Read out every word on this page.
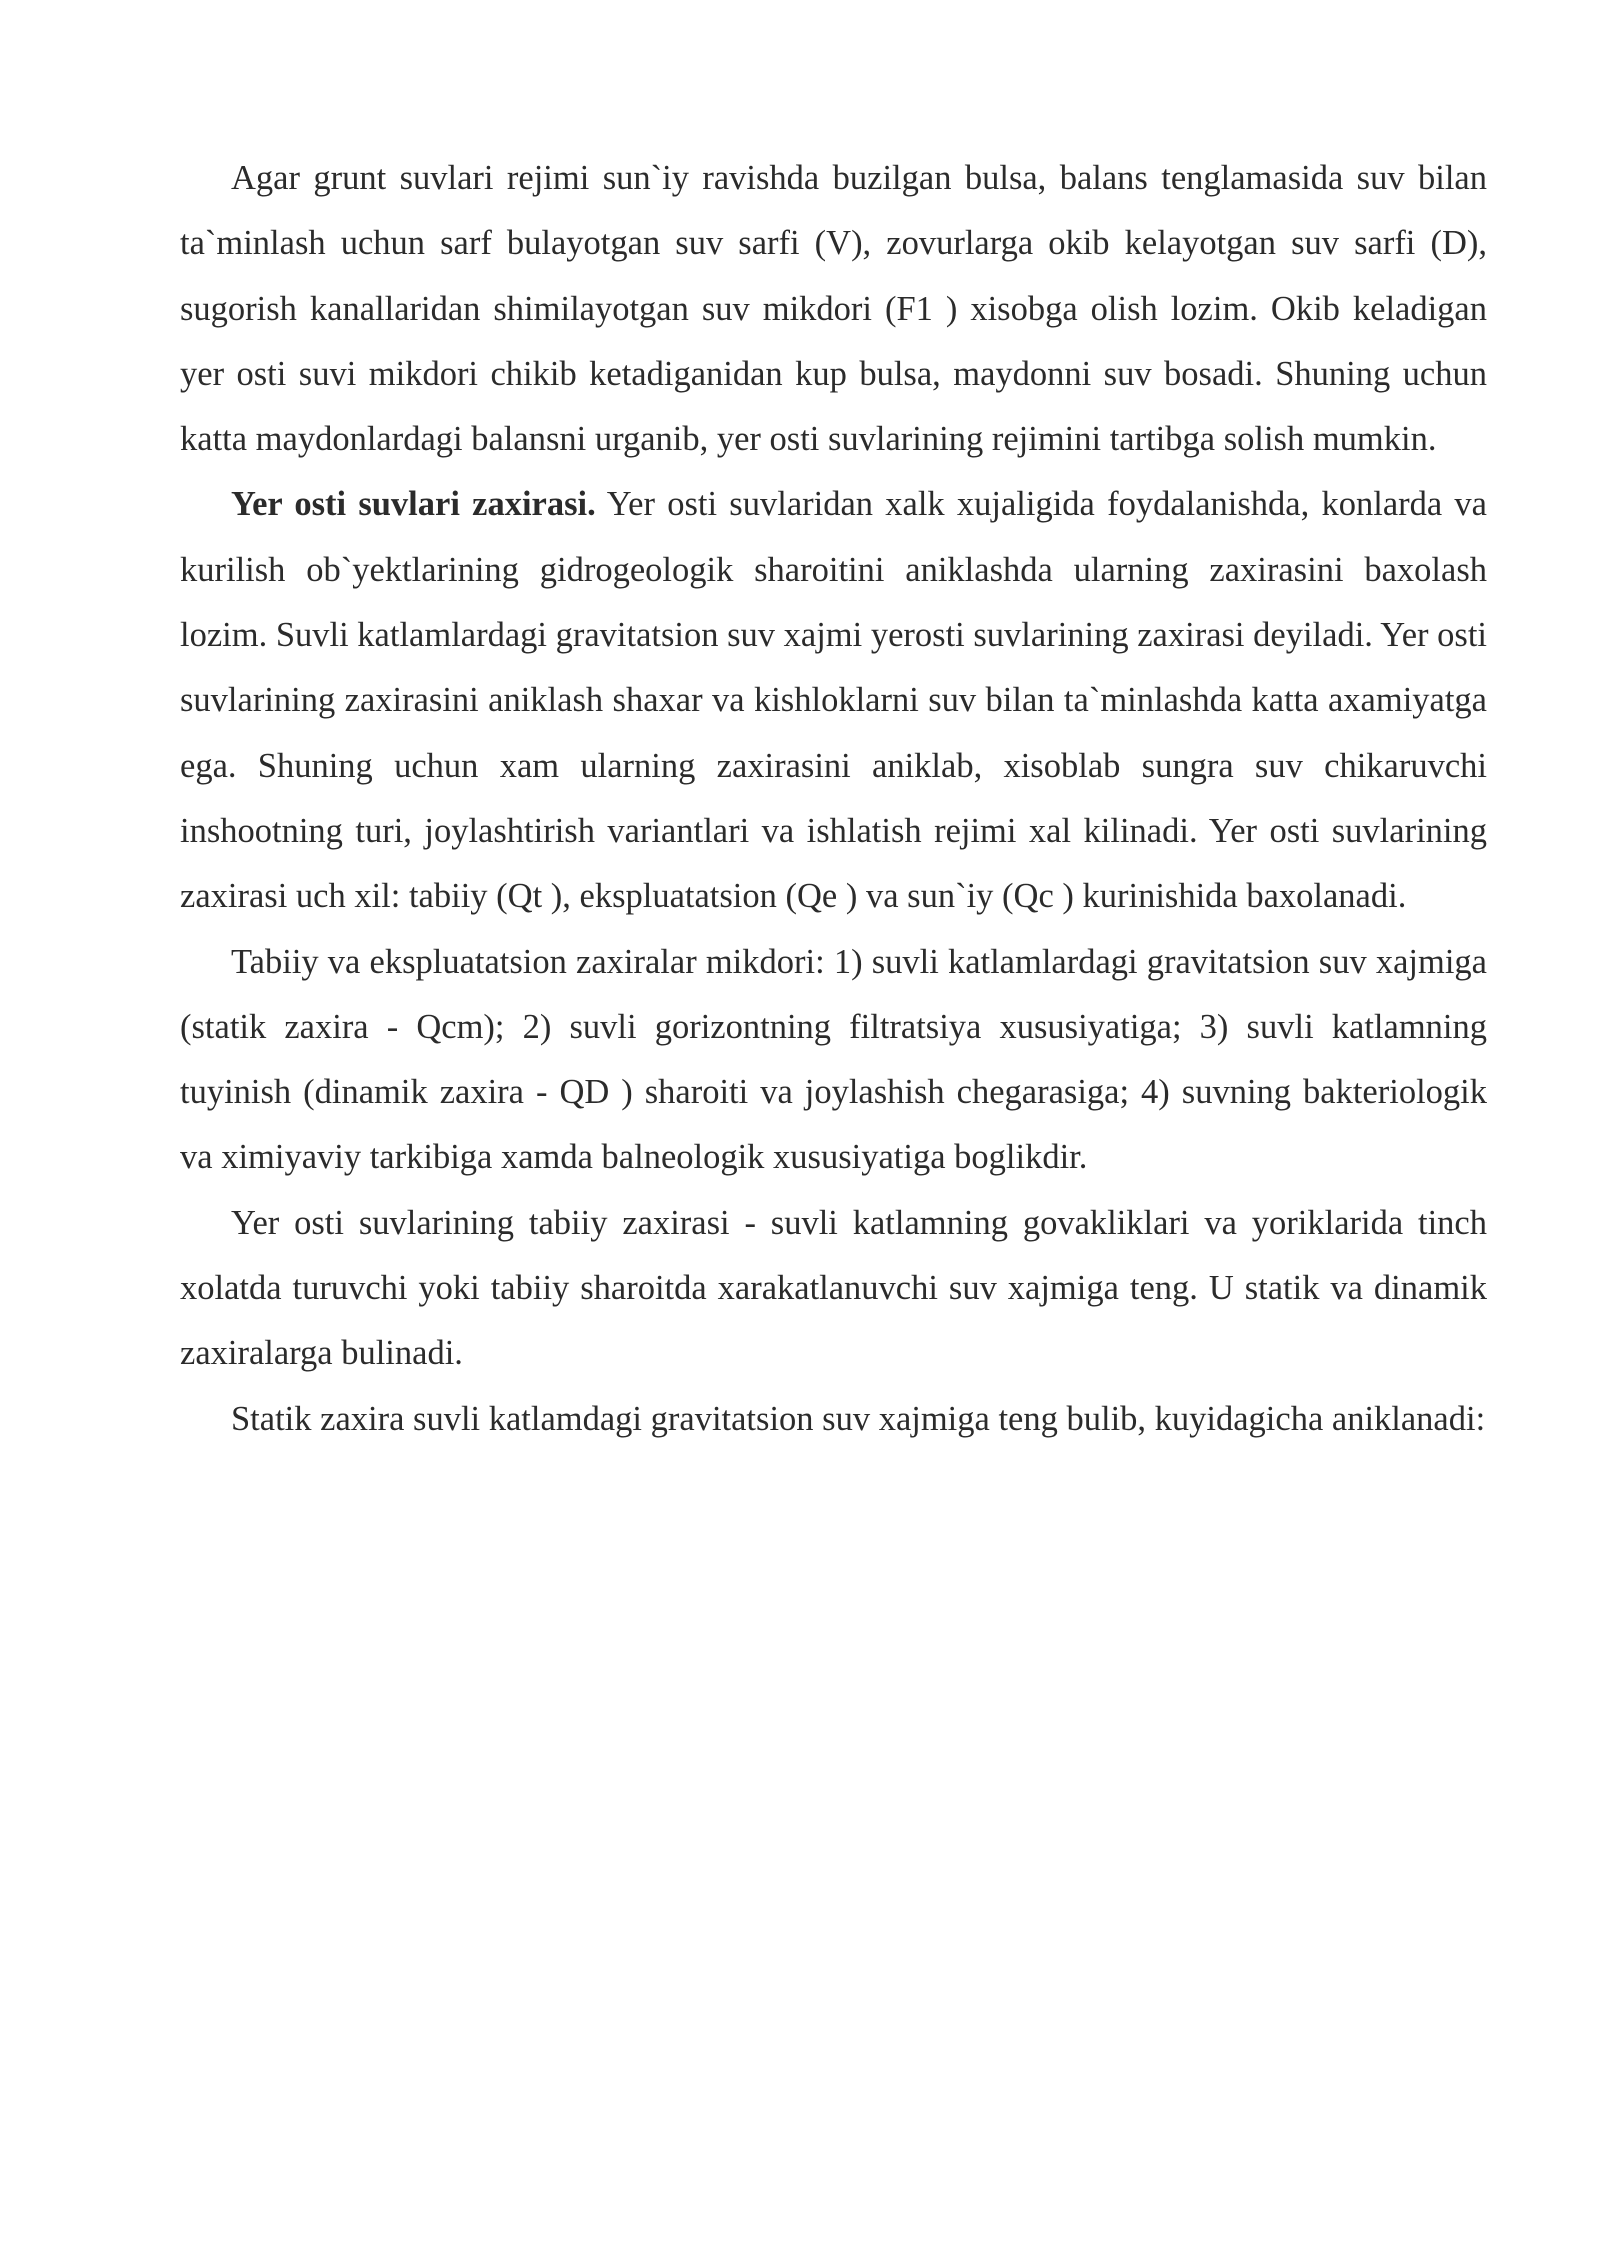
Agar grunt suvlari rejimi sun`iy ravishda buzilgan bulsa, balans tenglamasida suv bilan ta`minlash uchun sarf bulayotgan suv sarfi (V), zovurlarga okib kelayotgan suv sarfi (D), sugorish kanallaridan shimilayotgan suv mikdori (F1 ) xisobga olish lozim. Okib keladigan yer osti suvi mikdori chikib ketadiganidan kup bulsa, maydonni suv bosadi. Shuning uchun katta maydonlardagi balansni urganib, yer osti suvlarining rejimini tartibga solish mumkin.

Yer osti suvlari zaxirasi. Yer osti suvlaridan xalk xujaligida foydalanishda, konlarda va kurilish ob`yektlarining gidrogeologik sharoitini aniklashda ularning zaxirasini baxolash lozim. Suvli katlamlardagi gravitatsion suv xajmi yerosti suvlarining zaxirasi deyiladi. Yer osti suvlarining zaxirasini aniklash shaxar va kishloklarni suv bilan ta`minlashda katta axamiyatga ega. Shuning uchun xam ularning zaxirasini aniklab, xisoblab sungra suv chikaruvchi inshootning turi, joylashtirish variantlari va ishlatish rejimi xal kilinadi. Yer osti suvlarining zaxirasi uch xil: tabiiy (Qt ), ekspluatatsion (Qe ) va sun`iy (Qc ) kurinishida baxolanadi.

Tabiiy va ekspluatatsion zaxiralar mikdori: 1) suvli katlamlardagi gravitatsion suv xajmiga (statik zaxira - Qcm); 2) suvli gorizontning filtratsiya xususiyatiga; 3) suvli katlamning tuyinish (dinamik zaxira - QD ) sharoiti va joylashish chegarasiga; 4) suvning bakteriologik va ximiyaviy tarkibiga xamda balneologik xususiyatiga boglikdir.

Yer osti suvlarining tabiiy zaxirasi - suvli katlamning govakliklari va yoriklarida tinch xolatda turuvchi yoki tabiiy sharoitda xarakatlanuvchi suv xajmiga teng. U statik va dinamik zaxiralarga bulinadi.

Statik zaxira suvli katlamdagi gravitatsion suv xajmiga teng bulib, kuyidagicha aniklanadi:
